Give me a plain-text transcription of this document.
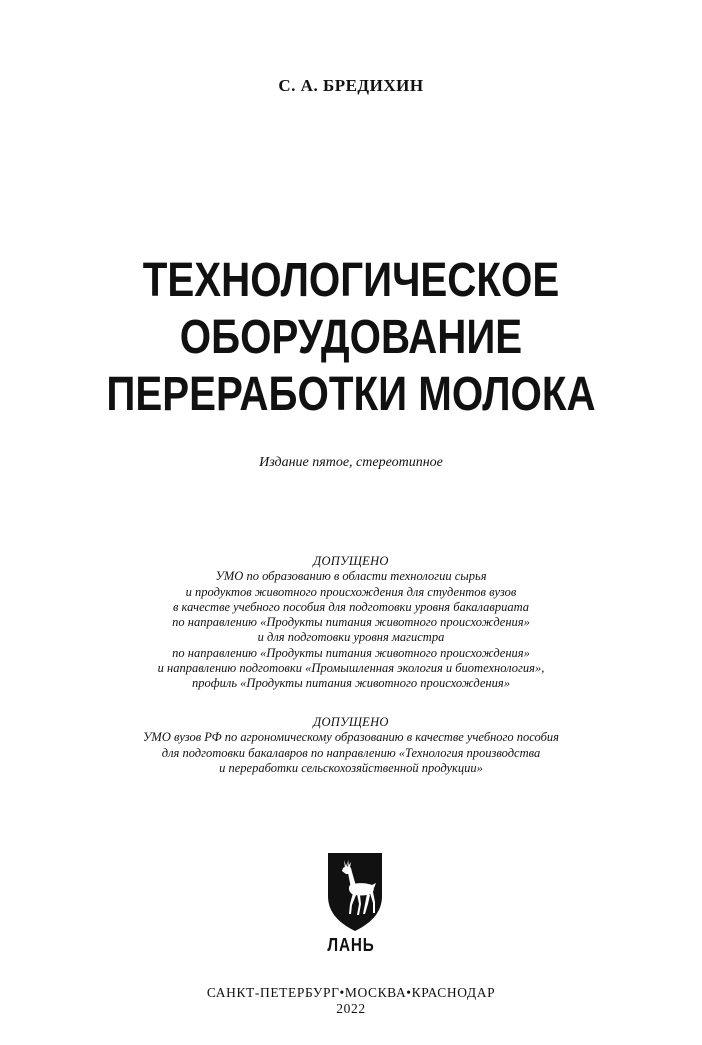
С. А. БРЕДИХИН
ТЕХНОЛОГИЧЕСКОЕ
ОБОРУДОВАНИЕ
ПЕРЕРАБОТКИ МОЛОКА
Издание пятое, стереотипное
ДОПУЩЕНО
УМО по образованию в области технологии сырья
и продуктов животного происхождения для студентов вузов
в качестве учебного пособия для подготовки уровня бакалавриата
по направлению «Продукты питания животного происхождения»
и для подготовки уровня магистра
по направлению «Продукты питания животного происхождения»
и направлению подготовки «Промышленная экология и биотехнология»,
профиль «Продукты питания животного происхождения»
ДОПУЩЕНО
УМО вузов РФ по агрономическому образованию в качестве учебного пособия
для подготовки бакалавров по направлению «Технология производства
и переработки сельскохозяйственной продукции»
ЛАНЬ
САНКТ-ПЕТЕРБУРГ•МОСКВА•КРАСНОДАР
2022
